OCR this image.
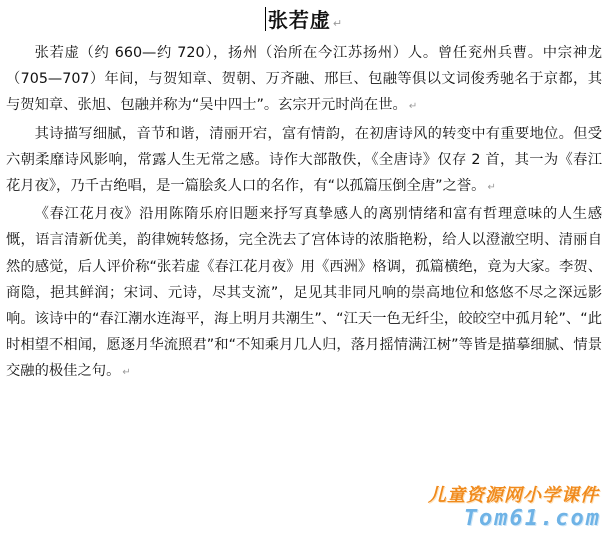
张若虚 ↵

张若虚（约 660—约 720），扬州（治所在今江苏扬州）人。曾任兖州兵曹。中宗神龙（705—707）年间，与贺知章、贺朝、万齐融、邢巨、包融等俱以文词俊秀驰名于京都，其与贺知章、张旭、包融并称为“吴中四士”。玄宗开元时尚在世。 ↵

其诗描写细腻，音节和谐，清丽开宕，富有情韵，在初唐诗风的转变中有重要地位。但受六朝柔靡诗风影响，常露人生无常之感。诗作大部散佚，《全唐诗》仅存 2 首，其一为《春江花月夜》，乃千古绝唱，是一篇脍炙人口的名作，有“以孤篇压倒全唐”之誉。 ↵

《春江花月夜》沿用陈隋乐府旧题来抒写真挚感人的离别情绪和富有哲理意味的人生感慨，语言清新优美，韵律婉转悠扬，完全洗去了宫体诗的浓脂艳粉，给人以澄澈空明、清丽自然的感觉，后人评价称“张若虚《春江花月夜》用《西洲》格调，孤篇横绝，竟为大家。李贺、商隐，挹其鲜润；宋词、元诗，尽其支流”，足见其非同凡响的崇高地位和悠悠不尽之深远影响。该诗中的“春江潮水连海平，海上明月共潮生”、“江天一色无纤尘，皎皎空中孤月轮”、“此时相望不相闻，愿逐月华流照君”和“不知乘月几人归，落月摇情满江树”等皆是描摹细腻、情景交融的极佳之句。 ↵

儿童资源网小学课件
Tom61.com
